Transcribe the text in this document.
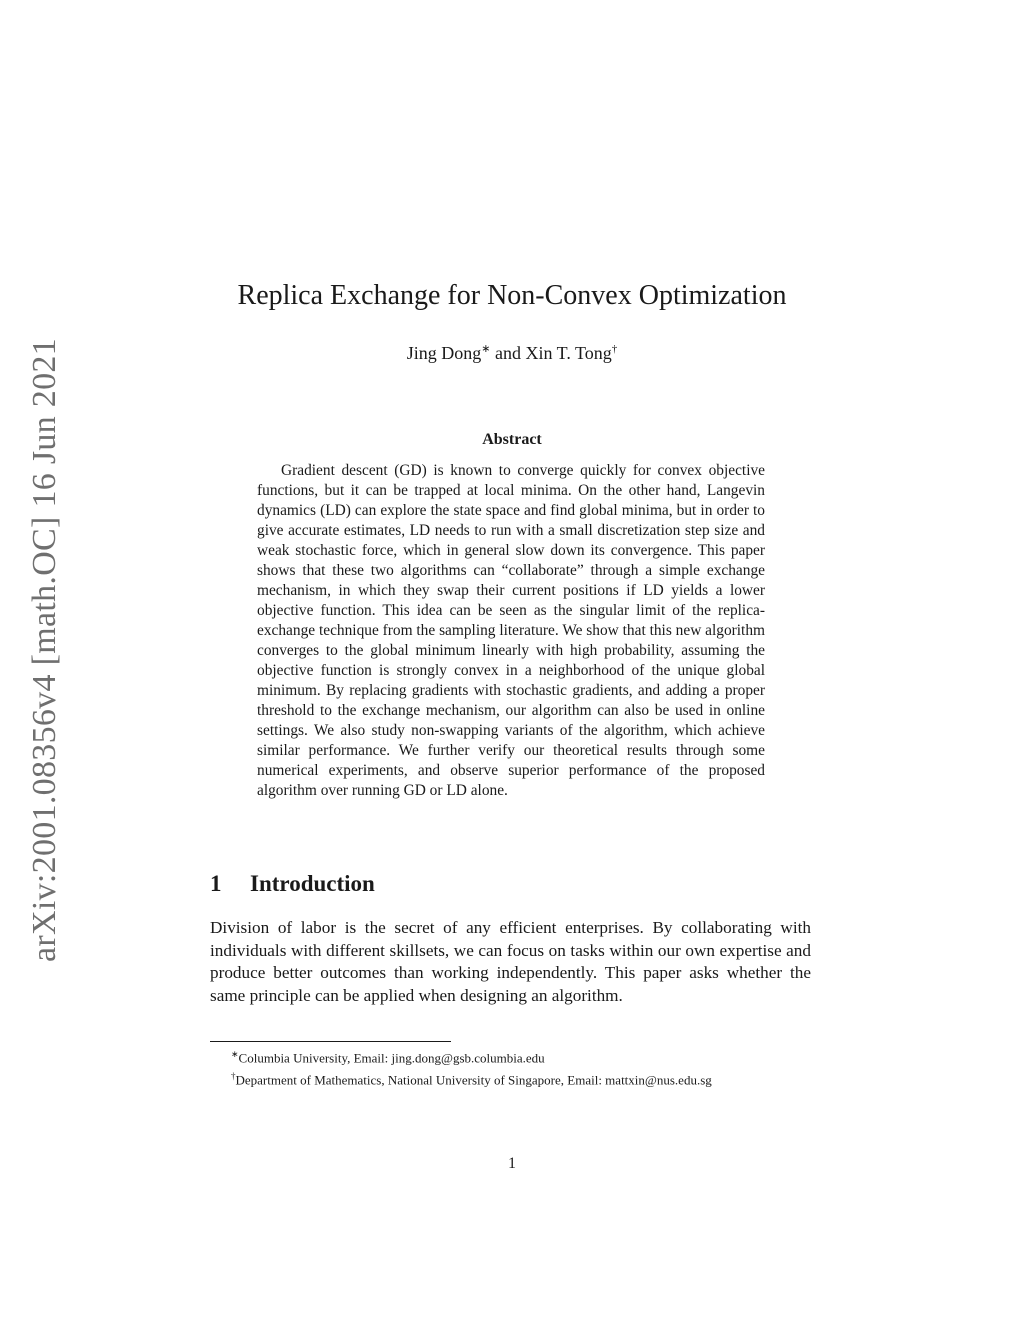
arXiv:2001.08356v4 [math.OC] 16 Jun 2021
Replica Exchange for Non-Convex Optimization
Jing Dong∗ and Xin T. Tong†
Abstract

Gradient descent (GD) is known to converge quickly for convex objective functions, but it can be trapped at local minima. On the other hand, Langevin dynamics (LD) can explore the state space and find global minima, but in order to give accurate estimates, LD needs to run with a small discretization step size and weak stochastic force, which in general slow down its convergence. This paper shows that these two algorithms can “collaborate” through a simple exchange mechanism, in which they swap their current positions if LD yields a lower objective function. This idea can be seen as the singular limit of the replica-exchange technique from the sampling literature. We show that this new algorithm converges to the global minimum linearly with high probability, assuming the objective function is strongly convex in a neighborhood of the unique global minimum. By replacing gradients with stochastic gradients, and adding a proper threshold to the exchange mechanism, our algorithm can also be used in online settings. We also study non-swapping variants of the algorithm, which achieve similar performance. We further verify our theoretical results through some numerical experiments, and observe superior performance of the proposed algorithm over running GD or LD alone.

1 Introduction

Division of labor is the secret of any efficient enterprises. By collaborating with individuals with different skillsets, we can focus on tasks within our own expertise and produce better outcomes than working independently. This paper asks whether the same principle can be applied when designing an algorithm.

∗Columbia University, Email: jing.dong@gsb.columbia.edu

†Department of Mathematics, National University of Singapore, Email: mattxin@nus.edu.sg

1
